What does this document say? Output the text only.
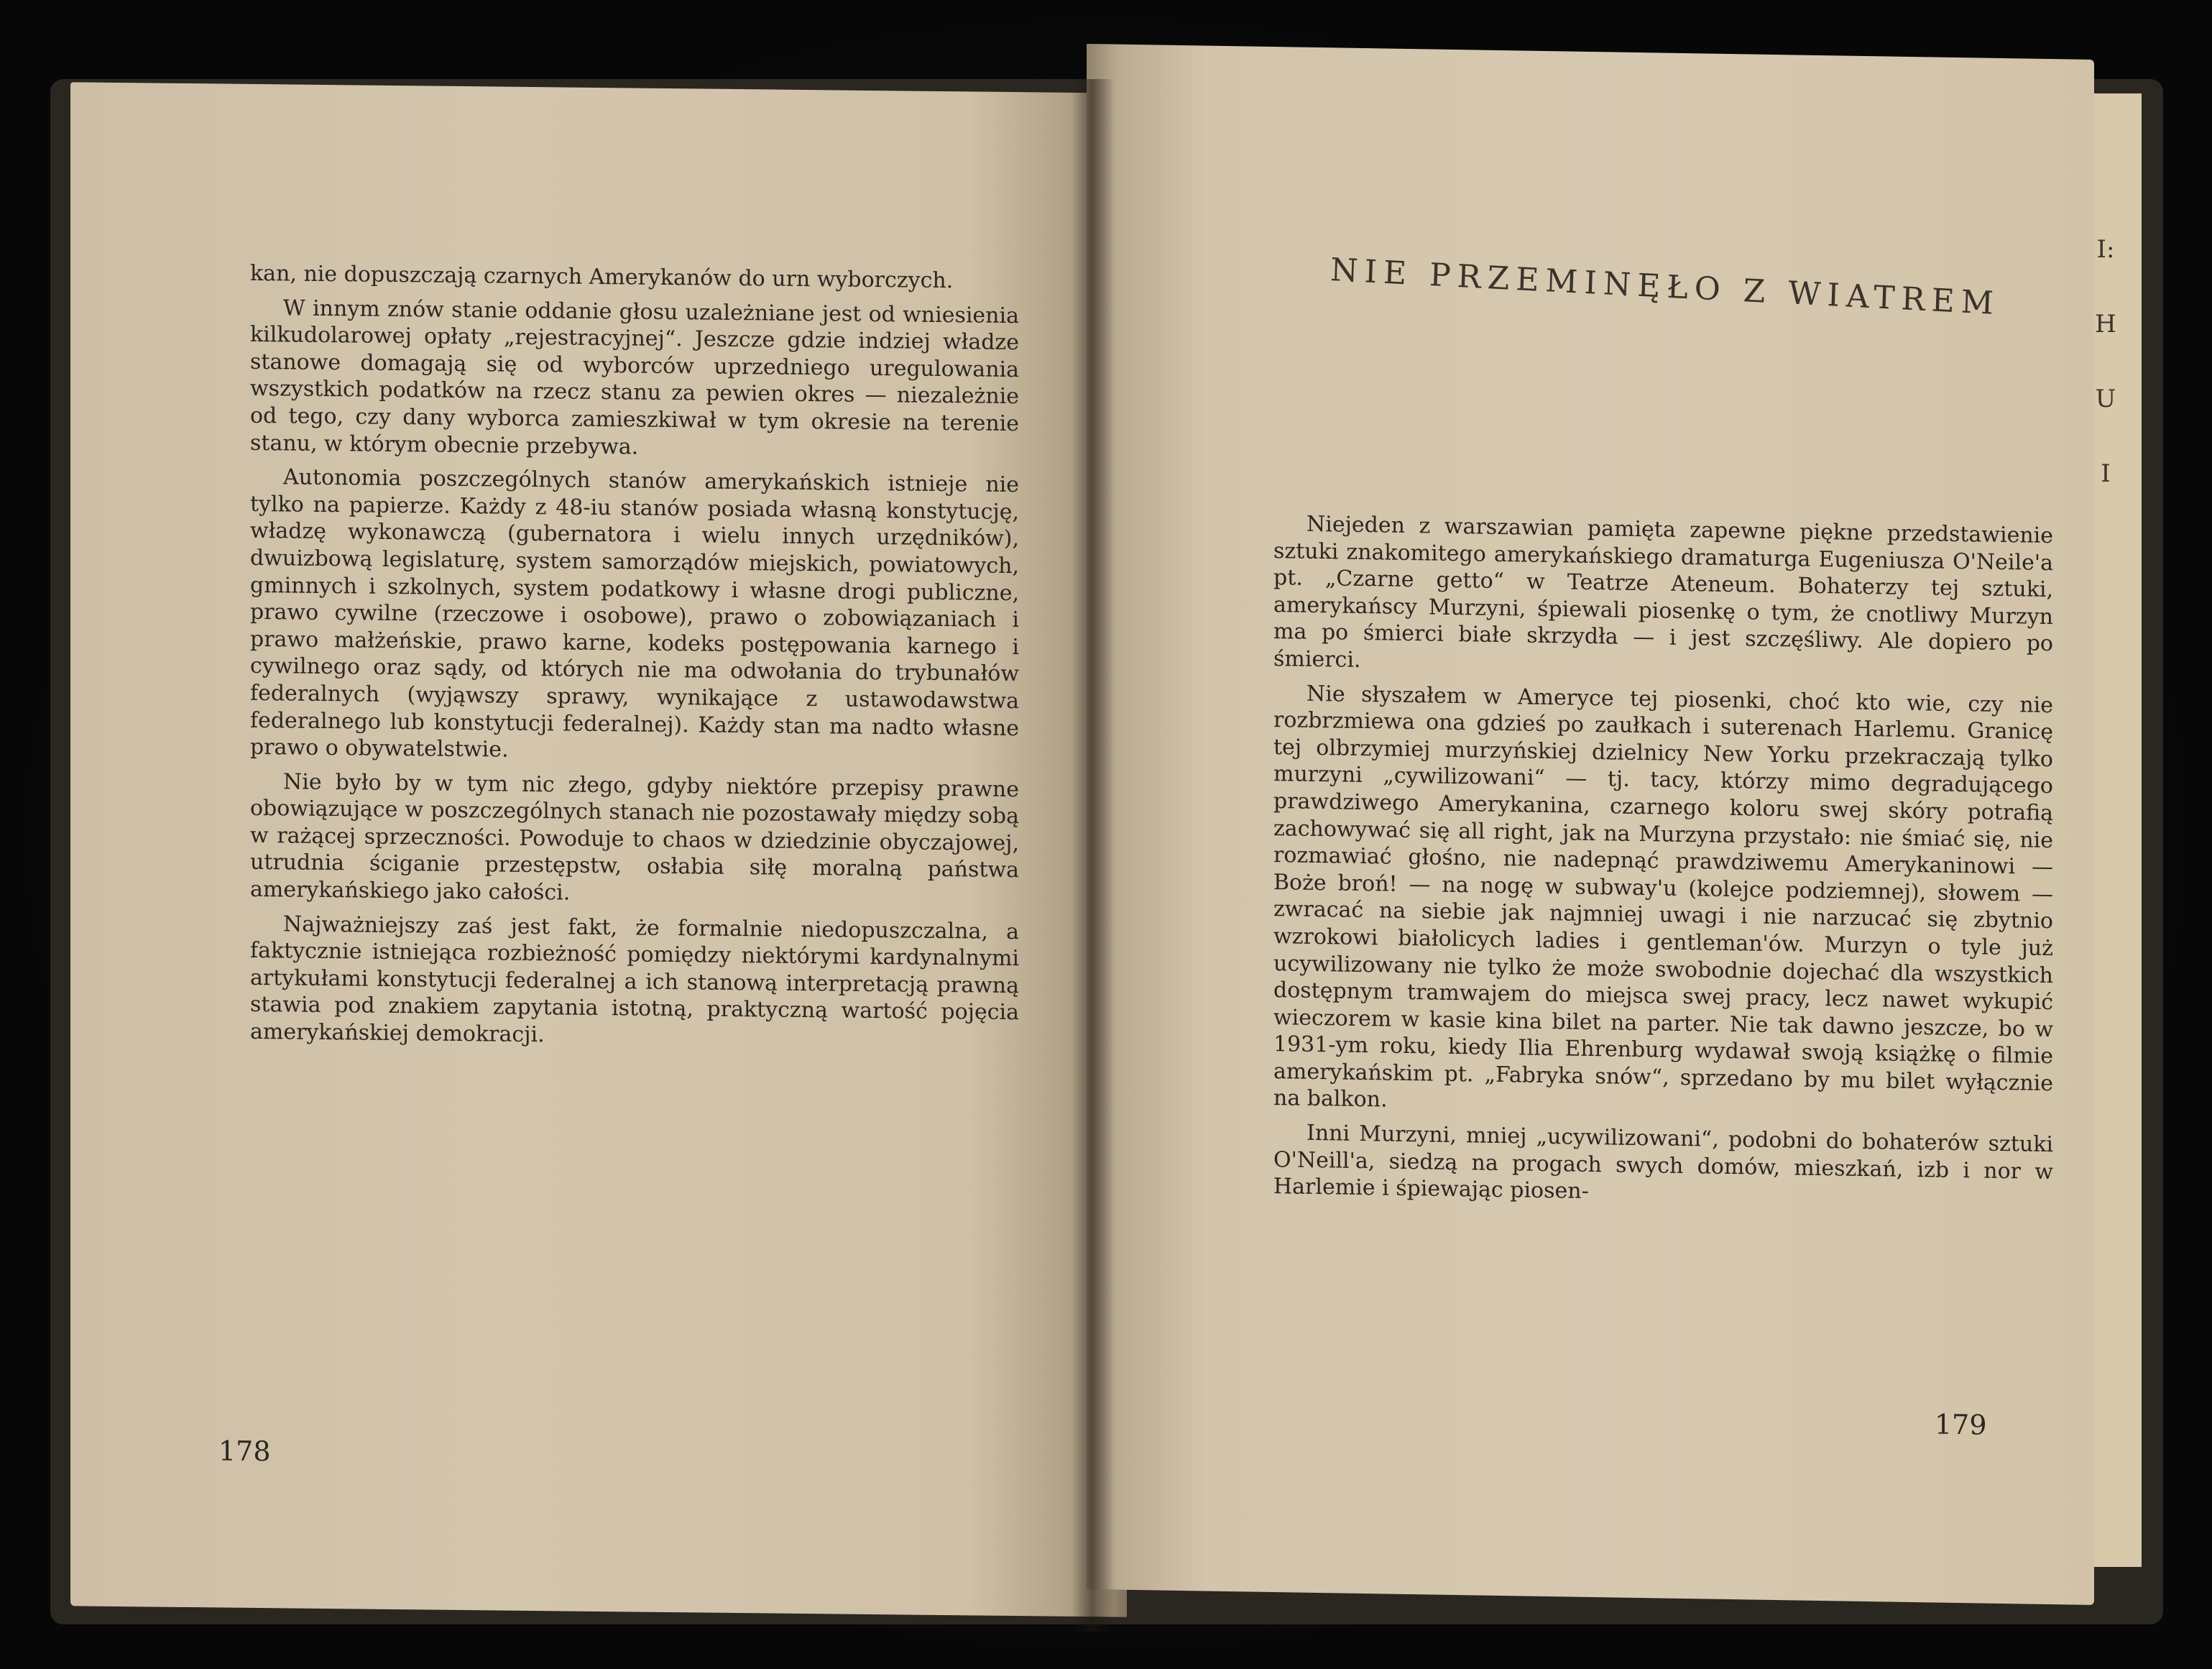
I:
H
U
I

kan, nie dopuszczają czarnych Amerykanów do urn wyborczych.

W innym znów stanie oddanie głosu uzależniane jest od wniesienia kilkudolarowej opłaty „rejestracyjnej“. Jeszcze gdzie indziej władze stanowe domagają się od wyborców uprzedniego uregulowania wszystkich podatków na rzecz stanu za pewien okres — niezależnie od tego, czy dany wyborca zamieszkiwał w tym okresie na terenie stanu, w którym obecnie przebywa.

Autonomia poszczególnych stanów amerykańskich istnieje nie tylko na papierze. Każdy z 48-iu stanów posiada własną konstytucję, władzę wykonawczą (gubernatora i wielu innych urzędników), dwuizbową legislaturę, system samorządów miejskich, powiatowych, gminnych i szkolnych, system podatkowy i własne drogi publiczne, prawo cywilne (rzeczowe i osobowe), prawo o zobowiązaniach i prawo małżeńskie, prawo karne, kodeks postępowania karnego i cywilnego oraz sądy, od których nie ma odwołania do trybunałów federalnych (wyjąwszy sprawy, wynikające z ustawodawstwa federalnego lub konstytucji federalnej). Każdy stan ma nadto własne prawo o obywatelstwie.

Nie było by w tym nic złego, gdyby niektóre przepisy prawne obowiązujące w poszczególnych stanach nie pozostawały między sobą w rażącej sprzeczności. Powoduje to chaos w dziedzinie obyczajowej, utrudnia ściganie przestępstw, osłabia siłę moralną państwa amerykańskiego jako całości.

Najważniejszy zaś jest fakt, że formalnie niedopuszczalna, a faktycznie istniejąca rozbieżność pomiędzy niektórymi kardynalnymi artykułami konstytucji federalnej a ich stanową interpretacją prawną stawia pod znakiem zapytania istotną, praktyczną wartość pojęcia amerykańskiej demokracji.

178
NIE PRZEMINĘŁO Z WIATREM

Niejeden z warszawian pamięta zapewne piękne przedstawienie sztuki znakomitego amerykańskiego dramaturga Eugeniusza O'Neile'a pt. „Czarne getto“ w Teatrze Ateneum. Bohaterzy tej sztuki, amerykańscy Murzyni, śpiewali piosenkę o tym, że cnotliwy Murzyn ma po śmierci białe skrzydła — i jest szczęśliwy. Ale dopiero po śmierci.

Nie słyszałem w Ameryce tej piosenki, choć kto wie, czy nie rozbrzmiewa ona gdzieś po zaułkach i suterenach Harlemu. Granicę tej olbrzymiej murzyńskiej dzielnicy New Yorku przekraczają tylko murzyni „cywilizowani“ — tj. tacy, którzy mimo degradującego prawdziwego Amerykanina, czarnego koloru swej skóry potrafią zachowywać się all right, jak na Murzyna przystało: nie śmiać się, nie rozmawiać głośno, nie nadepnąć prawdziwemu Amerykaninowi — Boże broń! — na nogę w subway'u (kolejce podziemnej), słowem — zwracać na siebie jak najmniej uwagi i nie narzucać się zbytnio wzrokowi białolicych ladies i gentleman'ów. Murzyn o tyle już ucywilizowany nie tylko że może swobodnie dojechać dla wszystkich dostępnym tramwajem do miejsca swej pracy, lecz nawet wykupić wieczorem w kasie kina bilet na parter. Nie tak dawno jeszcze, bo w 1931-ym roku, kiedy Ilia Ehrenburg wydawał swoją książkę o filmie amerykańskim pt. „Fabryka snów“, sprzedano by mu bilet wyłącznie na balkon.

Inni Murzyni, mniej „ucywilizowani“, podobni do bohaterów sztuki O'Neill'a, siedzą na progach swych domów, mieszkań, izb i nor w Harlemie i śpiewając piosen-

179
